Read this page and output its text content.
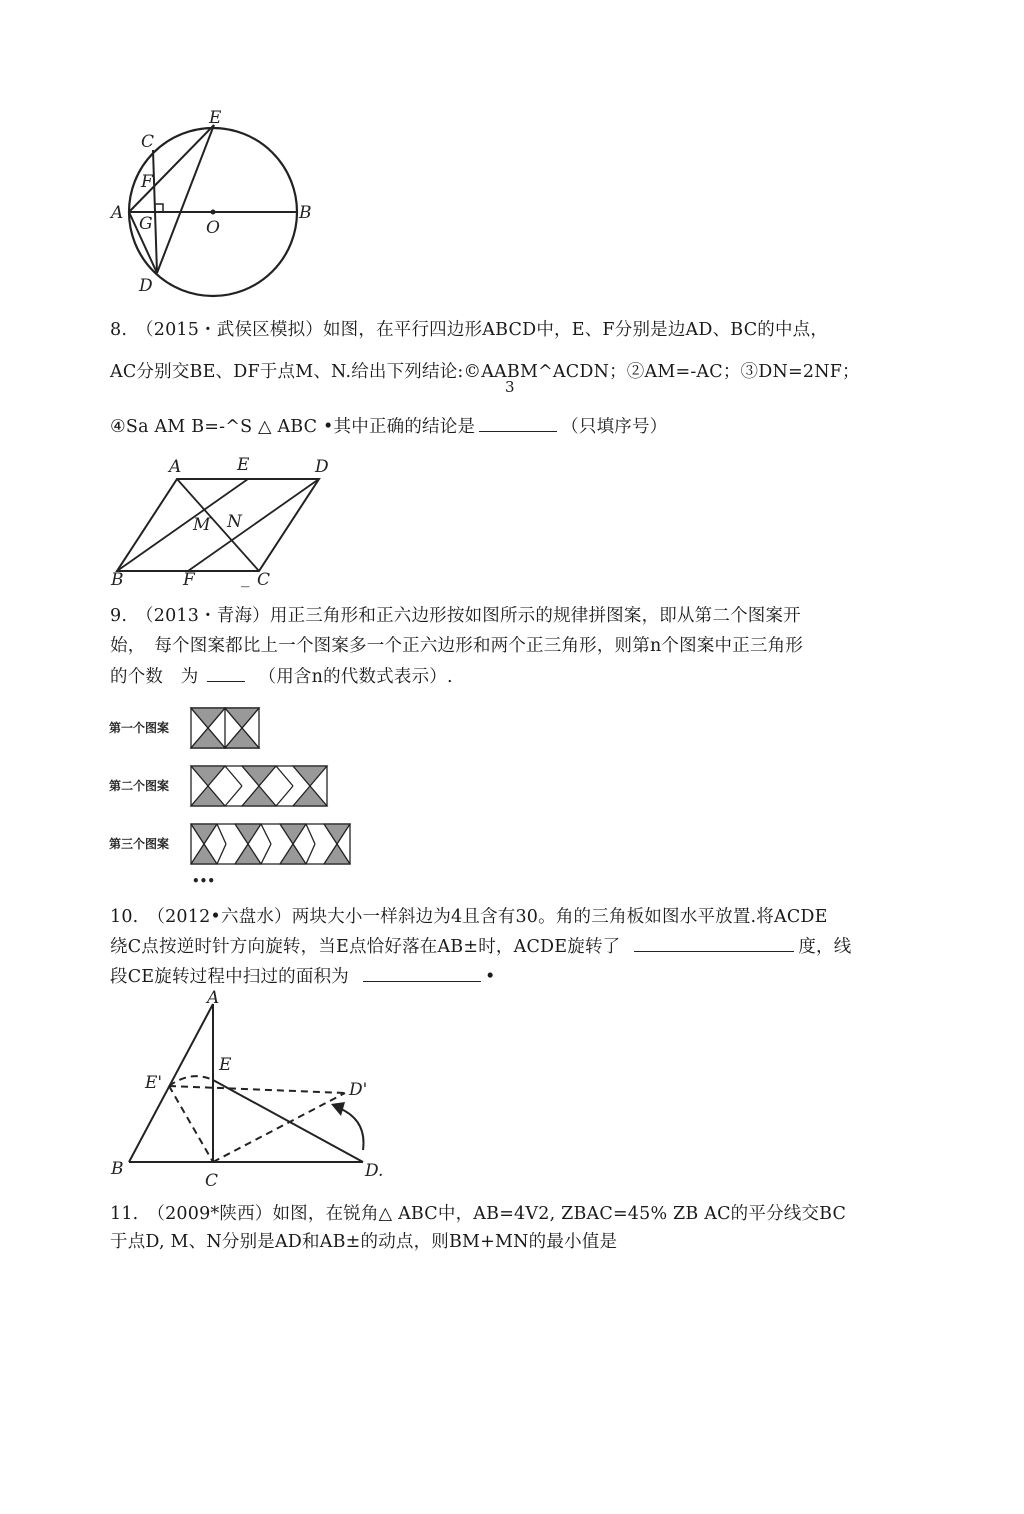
E
C
F
A
G	O
B
D
8.　（2015・武侯区模拟）如图，在平行四边形ABCD中，E、F分别是边AD、BC的中点，
AC分别交BE、DF于点M、N.给出下列结论:©AABM^ACDN；②AM=-AC；③DN=2NF；
3
④Sa AM B=-^S △ ABC •其中正确的结论是	（只填序号）
A	E	D
M N
B	F	_ C
9.　（2013・青海）用正三角形和正六边形按如图所示的规律拼图案，即从第二个图案开
始，　每个图案都比上一个图案多一个正六边形和两个正三角形，则第n个图案中正三角形
的个数　为	（用含n的代数式表示）.
第一个图案
第二个图案
第三个图案
•••
10.　（2012•六盘水）两块大小一样斜边为4且含有30。角的三角板如图水平放置.将ACDE
绕C点按逆时针方向旋转，当E点恰好落在AB±时，ACDE旋转了	度，线
段CE旋转过程中扫过的面积为	•
A
E
E'	D'
B
C	D.
11.　（2009*陕西）如图，在锐角△ ABC中，AB=4V2, ZBAC=45% ZB AC的平分线交BC
于点D, M、N分别是AD和AB±的动点，则BM+MN的最小值是
